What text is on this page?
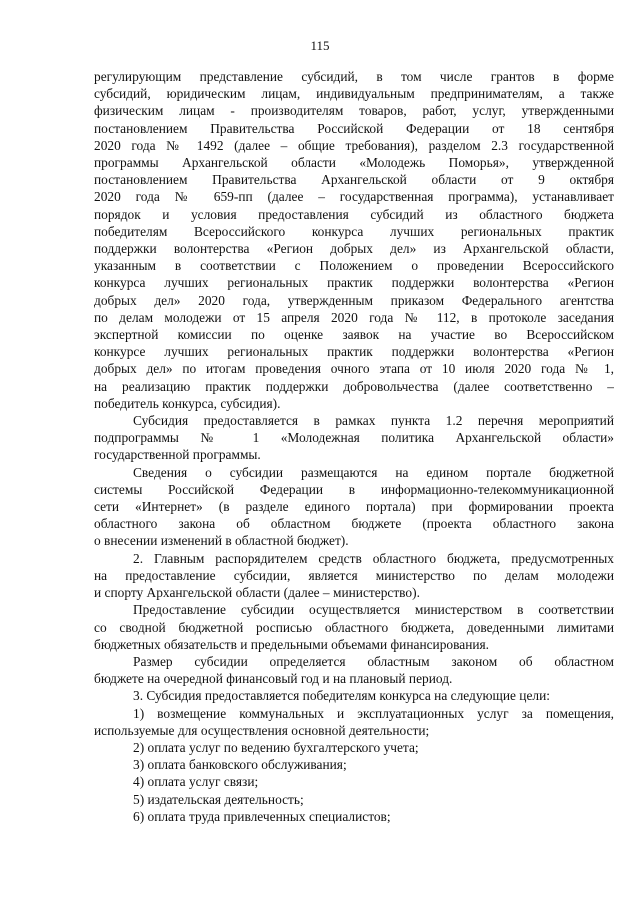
115
регулирующим представление субсидий, в том числе грантов в форме
субсидий, юридическим лицам, индивидуальным предпринимателям, а также
физическим лицам - производителям товаров, работ, услуг, утвержденными
постановлением Правительства Российской Федерации от 18 сентября
2020 года № 1492 (далее – общие требования), разделом 2.3 государственной
программы Архангельской области «Молодежь Поморья», утвержденной
постановлением Правительства Архангельской области от 9 октября
2020 года № 659-пп (далее – государственная программа), устанавливает
порядок и условия предоставления субсидий из областного бюджета
победителям Всероссийского конкурса лучших региональных практик
поддержки волонтерства «Регион добрых дел» из Архангельской области,
указанным в соответствии с Положением о проведении Всероссийского
конкурса лучших региональных практик поддержки волонтерства «Регион
добрых дел» 2020 года, утвержденным приказом Федерального агентства
по делам молодежи от 15 апреля 2020 года № 112, в протоколе заседания
экспертной комиссии по оценке заявок на участие во Всероссийском
конкурсе лучших региональных практик поддержки волонтерства «Регион
добрых дел» по итогам проведения очного этапа от 10 июля 2020 года № 1,
на реализацию практик поддержки добровольчества (далее соответственно –
победитель конкурса, субсидия).
Субсидия предоставляется в рамках пункта 1.2 перечня мероприятий
подпрограммы № 1 «Молодежная политика Архангельской области»
государственной программы.
Сведения о субсидии размещаются на едином портале бюджетной
системы Российской Федерации в информационно-телекоммуникационной
сети «Интернет» (в разделе единого портала) при формировании проекта
областного закона об областном бюджете (проекта областного закона
о внесении изменений в областной бюджет).
2. Главным распорядителем средств областного бюджета, предусмотренных
на предоставление субсидии, является министерство по делам молодежи
и спорту Архангельской области (далее – министерство).
Предоставление субсидии осуществляется министерством в соответствии
со сводной бюджетной росписью областного бюджета, доведенными лимитами
бюджетных обязательств и предельными объемами финансирования.
Размер субсидии определяется областным законом об областном
бюджете на очередной финансовый год и на плановый период.
3. Субсидия предоставляется победителям конкурса на следующие цели:
1) возмещение коммунальных и эксплуатационных услуг за помещения,
используемые для осуществления основной деятельности;
2) оплата услуг по ведению бухгалтерского учета;
3) оплата банковского обслуживания;
4) оплата услуг связи;
5) издательская деятельность;
6) оплата труда привлеченных специалистов;
